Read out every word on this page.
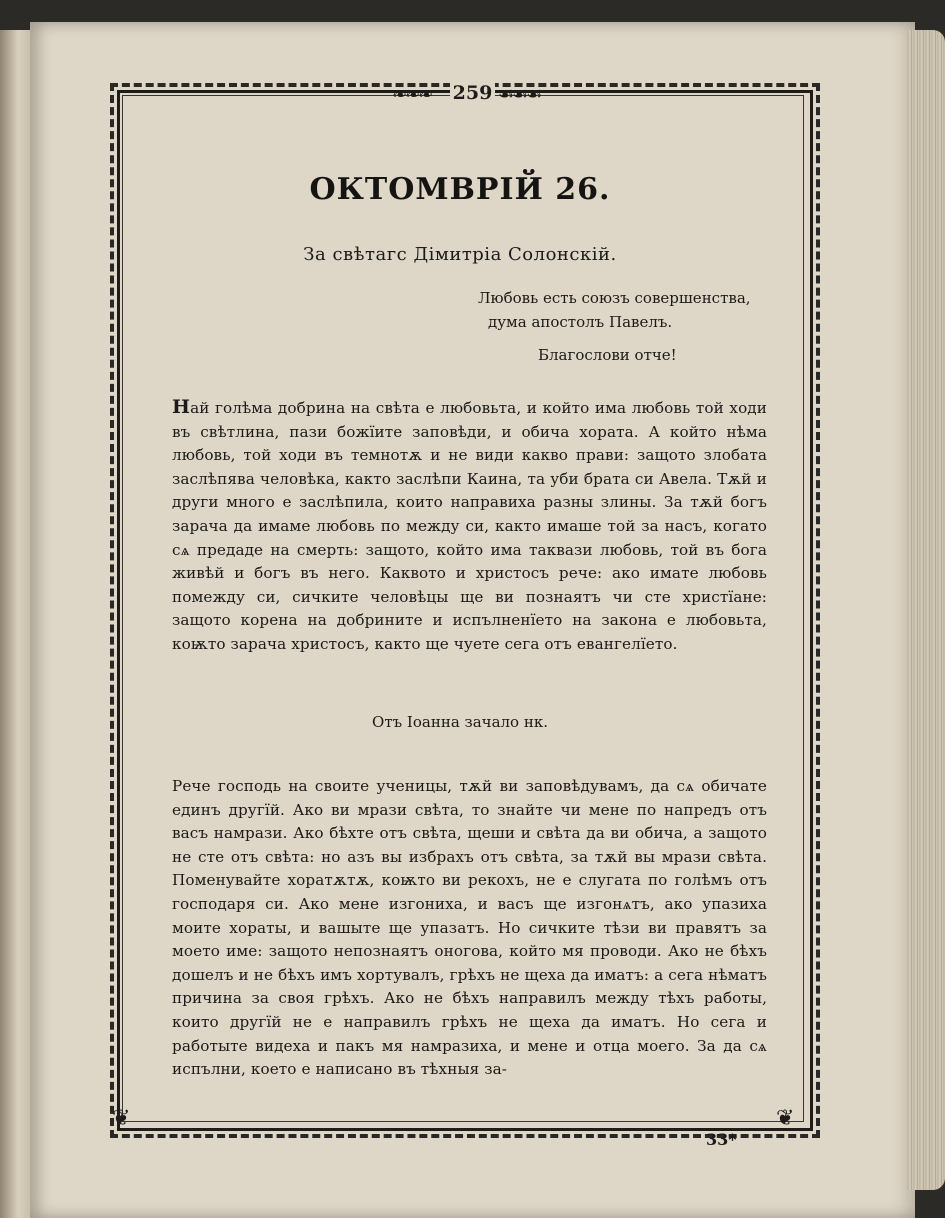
❦	❦
❧❧❧	☙☙☙
259
ОКТОМВРІЙ 26.
За свѣтагс Дімитріа Солонскій.
Любовь есть союзъ совершенства,
дума апостолъ Павелъ.
Благослови отче!

Най голѣма добрина на свѣта е любовьта, и който има любовь той ходи въ свѣтлина, пази божїите заповѣди, и обича хората. А който нѣма любовь, той ходи въ темнотѫ и не види какво прави: защото злобата заслѣпява человѣка, както заслѣпи Каина, та уби брата си Авела. Тѫй и други много е заслѣпила, които направиха разны злины. За тѫй богъ зарача да имаме любовь по между си, както имаше той за насъ, когато сѧ предаде на смерть: защото, който има таквази любовь, той въ бога живѣй и богъ въ него. Каквото и христосъ рече: ако имате любовь помежду си, сичките человѣцы ще ви познаятъ чи сте христїане: защото корена на добрините и испълненїето на закона е любовьта, коѭто зарача христосъ, както ще чуете сега отъ евангелїето.

Отъ Іоанна зачало нк.

Рече господь на своите ученицы, тѫй ви заповѣдувамъ, да сѧ обичате единъ другїй. Ако ви мрази свѣта, то знайте чи мене по напредъ отъ васъ намрази. Ако бѣхте отъ свѣта, щеши и свѣта да ви обича, а защото не сте отъ свѣта: но азъ вы избрахъ отъ свѣта, за тѫй вы мрази свѣта. Поменувайте хоратѫтѫ, коѭто ви рекохъ, не е слугата по голѣмъ отъ господаря си. Ако мене изгониха, и васъ ще изгонѧтъ, ако упазиха моите хораты, и вашыте ще упазатъ. Но сичките тѣзи ви правятъ за моето име: защото непознаятъ оногова, който мя проводи. Ако не бѣхъ дошелъ и не бѣхъ имъ хортувалъ, грѣхъ не щеха да иматъ: а сега нѣматъ причина за своя грѣхъ. Ако не бѣхъ направилъ между тѣхъ работы, които другїй не е направилъ грѣхъ не щеха да иматъ. Но сега и работыте видеха и пакъ мя намразиха, и мене и отца моего. За да сѧ испълни, което е написано въ тѣхныя за-

33*
